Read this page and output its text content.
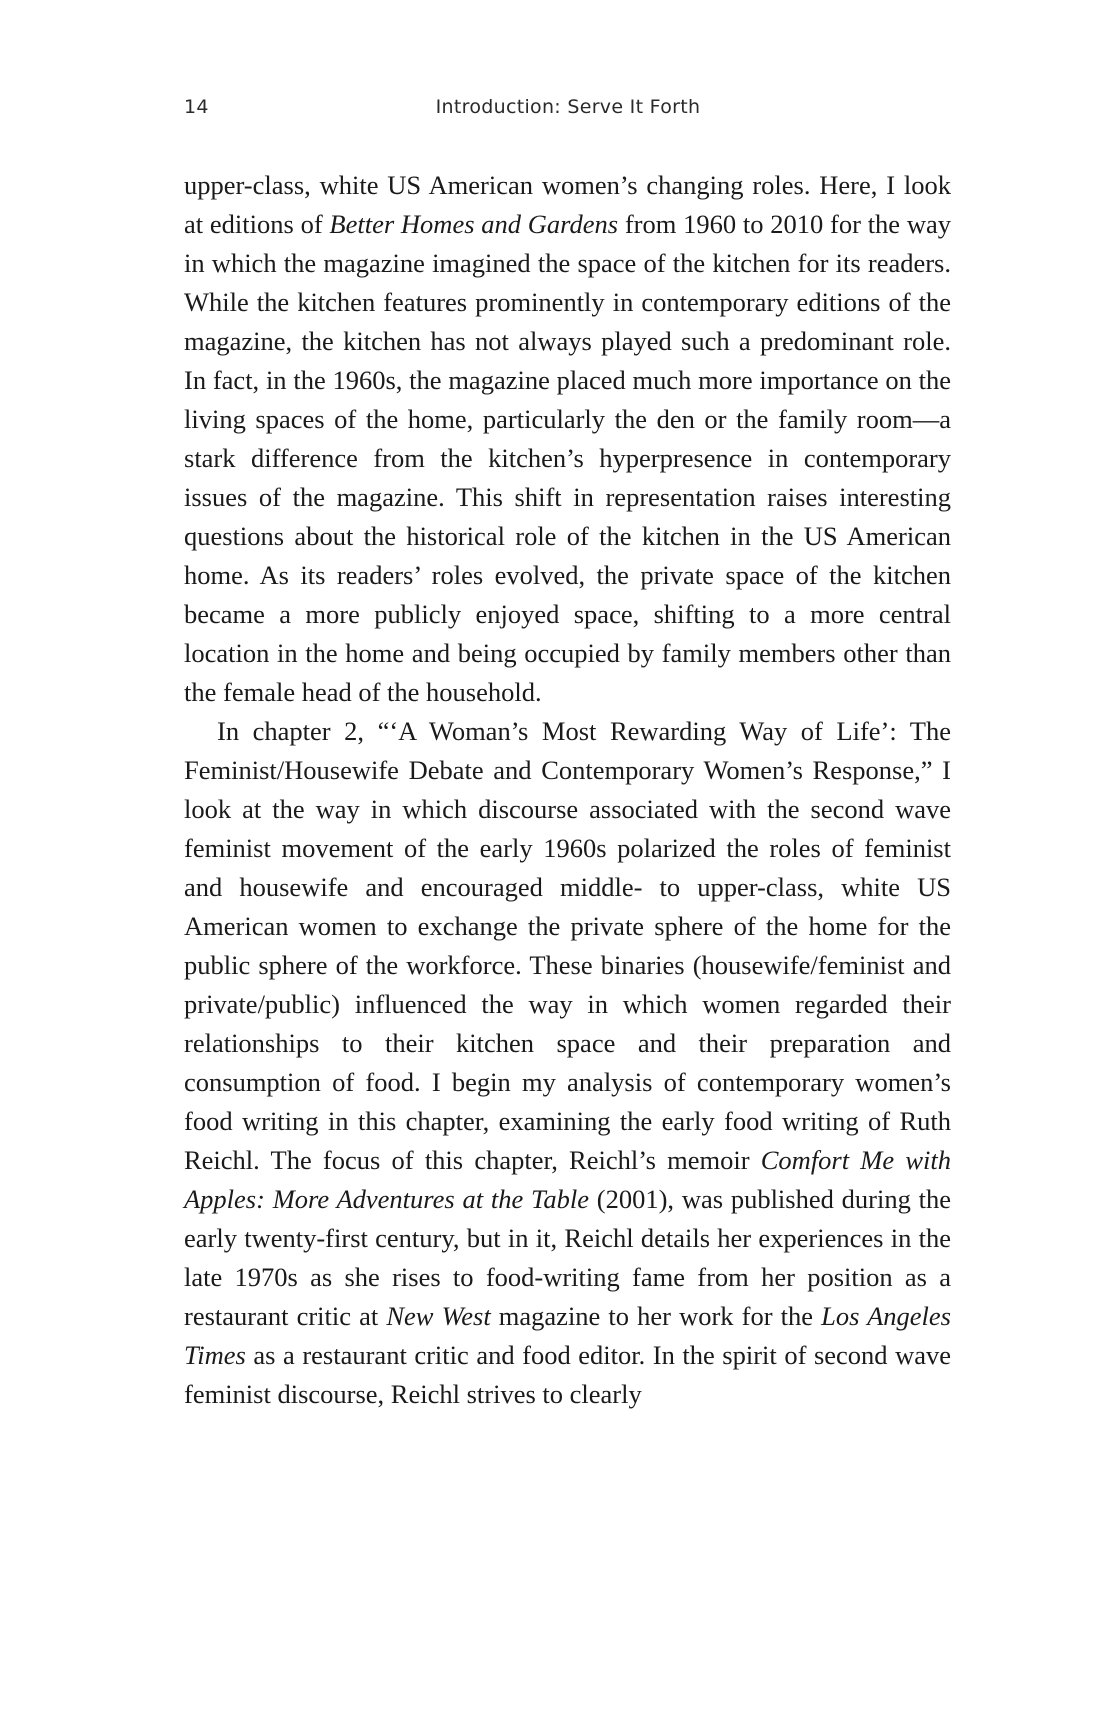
14	Introduction: Serve It Forth

upper-class, white US American women’s changing roles. Here, I look at editions of Better Homes and Gardens from 1960 to 2010 for the way in which the magazine imagined the space of the kitchen for its readers. While the kitchen features prominently in contemporary editions of the magazine, the kitchen has not always played such a predominant role. In fact, in the 1960s, the magazine placed much more importance on the living spaces of the home, particularly the den or the family room—a stark difference from the kitchen’s hyperpresence in contemporary issues of the magazine. This shift in representation raises interesting questions about the historical role of the kitchen in the US American home. As its readers’ roles evolved, the private space of the kitchen became a more publicly enjoyed space, shifting to a more central location in the home and being occupied by family members other than the female head of the household.

In chapter 2, “‘A Woman’s Most Rewarding Way of Life’: The Feminist/Housewife Debate and Contemporary Women’s Response,” I look at the way in which discourse associated with the second wave feminist movement of the early 1960s polarized the roles of feminist and housewife and encouraged middle- to upper-class, white US American women to exchange the private sphere of the home for the public sphere of the workforce. These binaries (housewife/feminist and private/public) influenced the way in which women regarded their relationships to their kitchen space and their preparation and consumption of food. I begin my analysis of contemporary women’s food writing in this chapter, examining the early food writing of Ruth Reichl. The focus of this chapter, Reichl’s memoir Comfort Me with Apples: More Adventures at the Table (2001), was published during the early twenty-first century, but in it, Reichl details her experiences in the late 1970s as she rises to food-writing fame from her position as a restaurant critic at New West magazine to her work for the Los Angeles Times as a restaurant critic and food editor. In the spirit of second wave feminist discourse, Reichl strives to clearly
